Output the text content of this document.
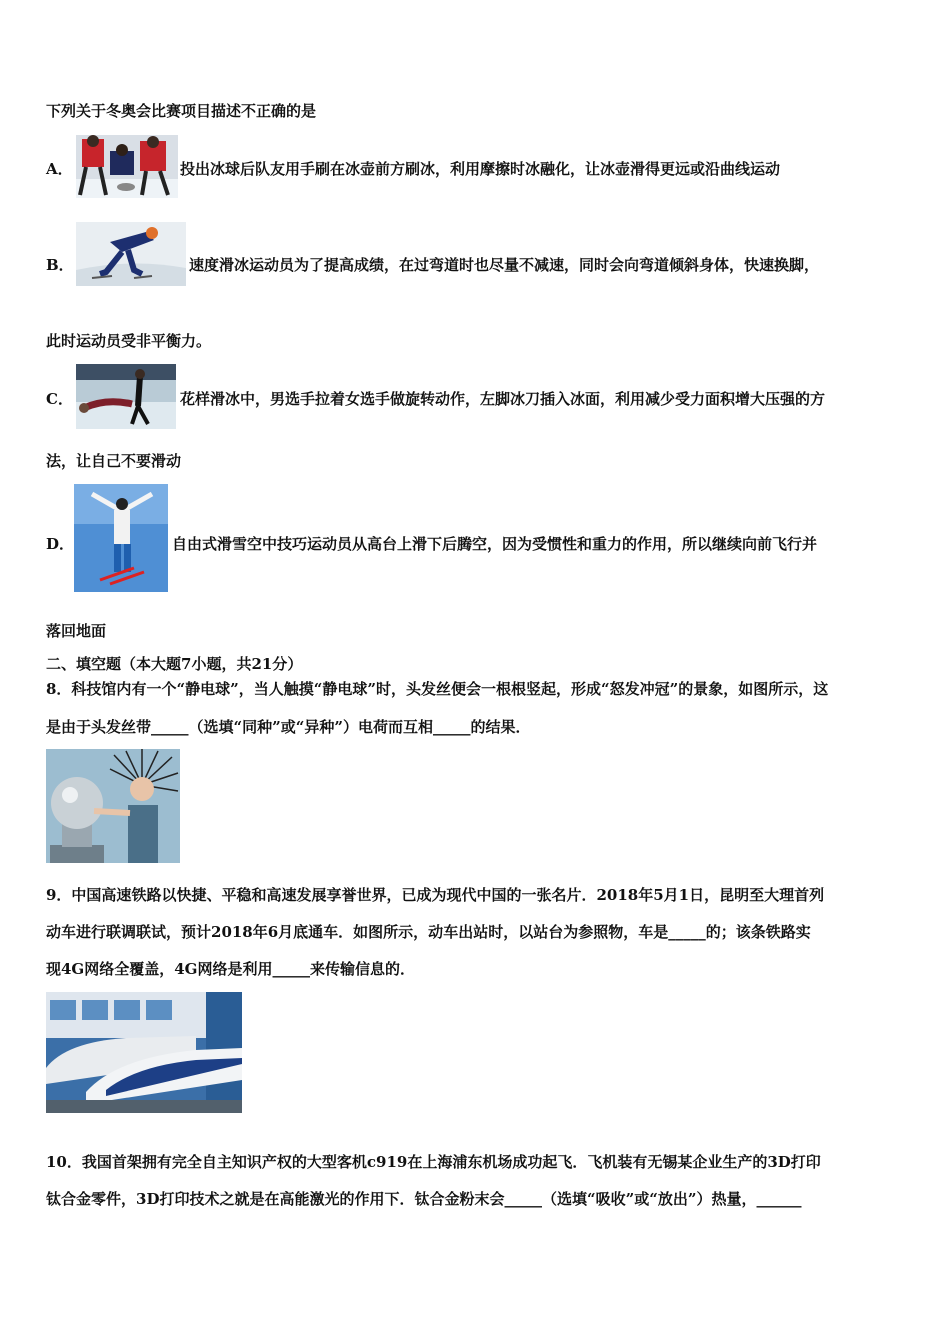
下列关于冬奥会比赛项目描述不正确的是
A．	投出冰球后队友用手刷在冰壶前方刷冰，利用摩擦时冰融化，让冰壶滑得更远或沿曲线运动
B．	速度滑冰运动员为了提高成绩，在过弯道时也尽量不减速，同时会向弯道倾斜身体，快速换脚，
此时运动员受非平衡力。
C．	花样滑冰中，男选手拉着女选手做旋转动作，左脚冰刀插入冰面，利用减少受力面积增大压强的方
法，让自己不要滑动
D．	自由式滑雪空中技巧运动员从高台上滑下后腾空，因为受惯性和重力的作用，所以继续向前飞行并
落回地面
二、填空题（本大题7小题，共21分）
8．科技馆内有一个“静电球”，当人触摸“静电球”时，头发丝便会一根根竖起，形成“怒发冲冠”的景象，如图所示，这
是由于头发丝带_____（选填“同种”或“异种”）电荷而互相_____的结果．
9．中国高速铁路以快捷、平稳和高速发展享誉世界，已成为现代中国的一张名片．2018年5月1日，昆明至大理首列
动车进行联调联试，预计2018年6月底通车．如图所示，动车出站时，以站台为参照物，车是_____的；该条铁路实
现4G网络全覆盖，4G网络是利用_____来传输信息的．
10．我国首架拥有完全自主知识产权的大型客机c919在上海浦东机场成功起飞．飞机装有无锡某企业生产的3D打印
钛合金零件，3D打印技术之就是在高能激光的作用下．钛合金粉末会_____（选填“吸收”或“放出”）热量，______
